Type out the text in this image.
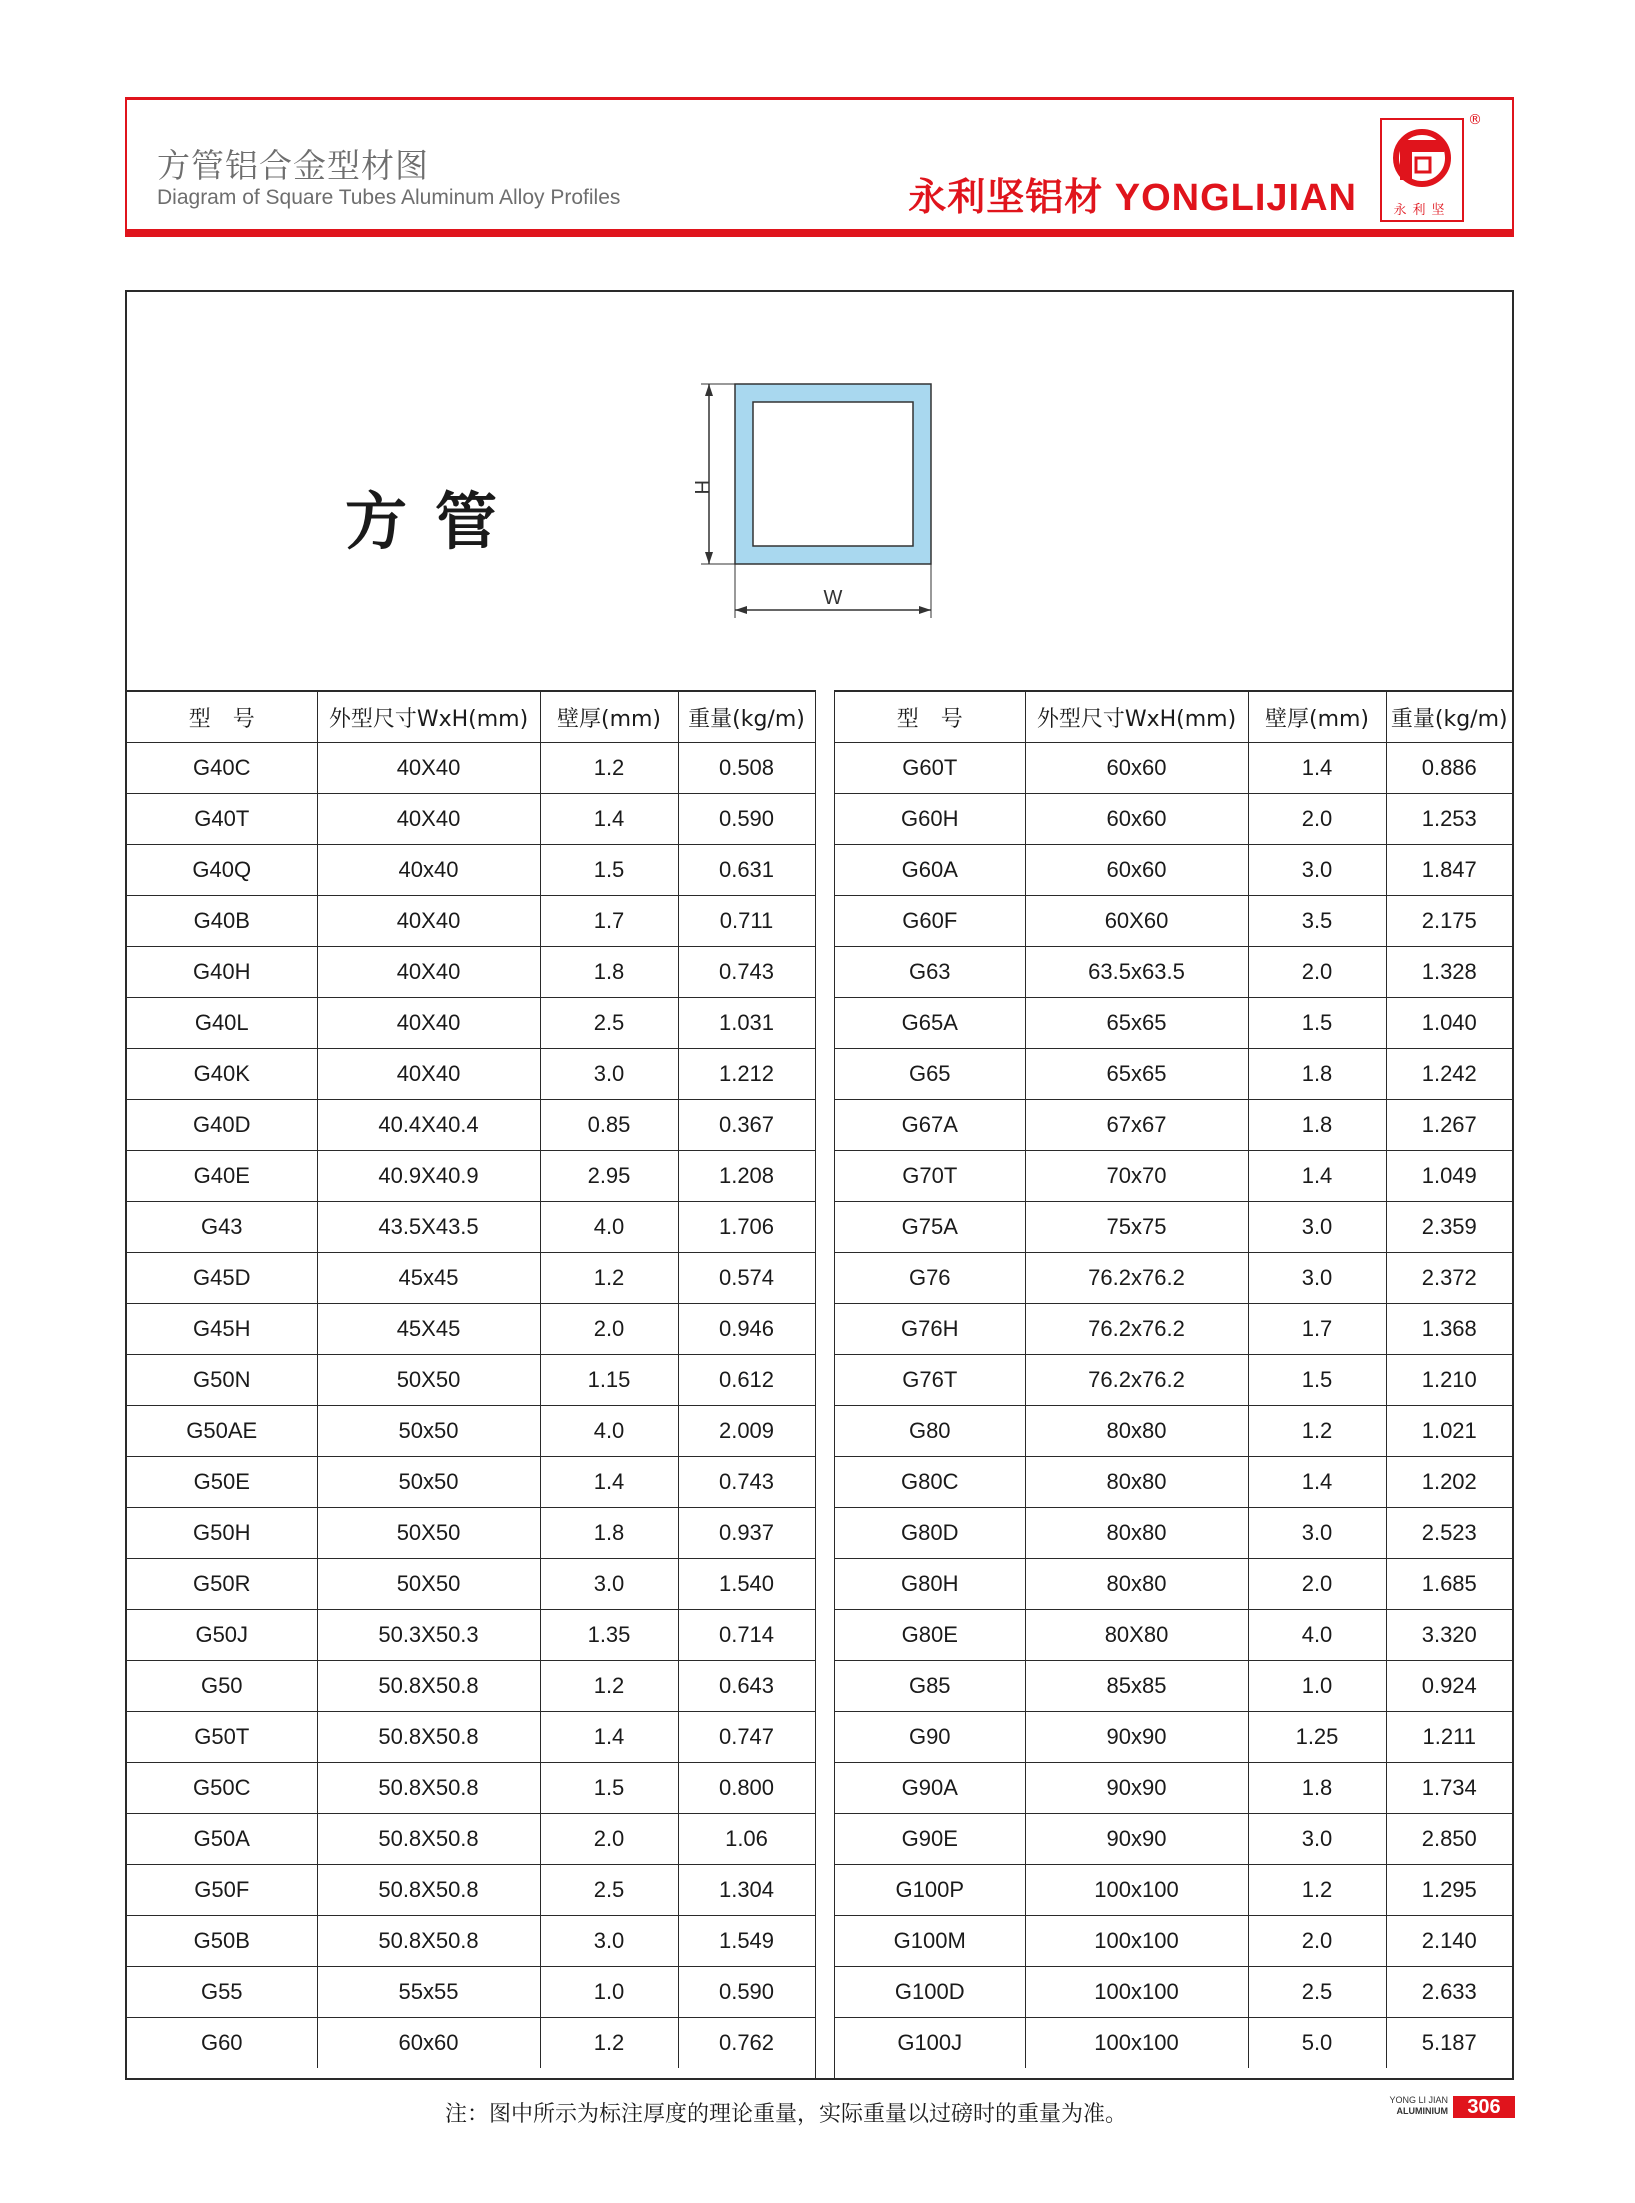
方管铝合金型材图
Diagram of Square Tubes Aluminum Alloy Profiles	永利坚铝材 YONGLIJIAN	永利坚
®
方管	H
W
型　号	外型尺寸WxH(mm)	壁厚(mm)	重量(kg/m)
G40C	40X40	1.2	0.508
G40T	40X40	1.4	0.590
G40Q	40x40	1.5	0.631
G40B	40X40	1.7	0.711
G40H	40X40	1.8	0.743
G40L	40X40	2.5	1.031
G40K	40X40	3.0	1.212
G40D	40.4X40.4	0.85	0.367
G40E	40.9X40.9	2.95	1.208
G43	43.5X43.5	4.0	1.706
G45D	45x45	1.2	0.574
G45H	45X45	2.0	0.946
G50N	50X50	1.15	0.612
G50AE	50x50	4.0	2.009
G50E	50x50	1.4	0.743
G50H	50X50	1.8	0.937
G50R	50X50	3.0	1.540
G50J	50.3X50.3	1.35	0.714
G50	50.8X50.8	1.2	0.643
G50T	50.8X50.8	1.4	0.747
G50C	50.8X50.8	1.5	0.800
G50A	50.8X50.8	2.0	1.06
G50F	50.8X50.8	2.5	1.304
G50B	50.8X50.8	3.0	1.549
G55	55x55	1.0	0.590
G60	60x60	1.2	0.762
型　号	外型尺寸WxH(mm)	壁厚(mm)	重量(kg/m)
G60T	60x60	1.4	0.886
G60H	60x60	2.0	1.253
G60A	60x60	3.0	1.847
G60F	60X60	3.5	2.175
G63	63.5x63.5	2.0	1.328
G65A	65x65	1.5	1.040
G65	65x65	1.8	1.242
G67A	67x67	1.8	1.267
G70T	70x70	1.4	1.049
G75A	75x75	3.0	2.359
G76	76.2x76.2	3.0	2.372
G76H	76.2x76.2	1.7	1.368
G76T	76.2x76.2	1.5	1.210
G80	80x80	1.2	1.021
G80C	80x80	1.4	1.202
G80D	80x80	3.0	2.523
G80H	80x80	2.0	1.685
G80E	80X80	4.0	3.320
G85	85x85	1.0	0.924
G90	90x90	1.25	1.211
G90A	90x90	1.8	1.734
G90E	90x90	3.0	2.850
G100P	100x100	1.2	1.295
G100M	100x100	2.0	2.140
G100D	100x100	2.5	2.633
G100J	100x100	5.0	5.187
注：图中所示为标注厚度的理论重量，实际重量以过磅时的重量为准。
YONG LI JIAN
ALUMINIUM 306
